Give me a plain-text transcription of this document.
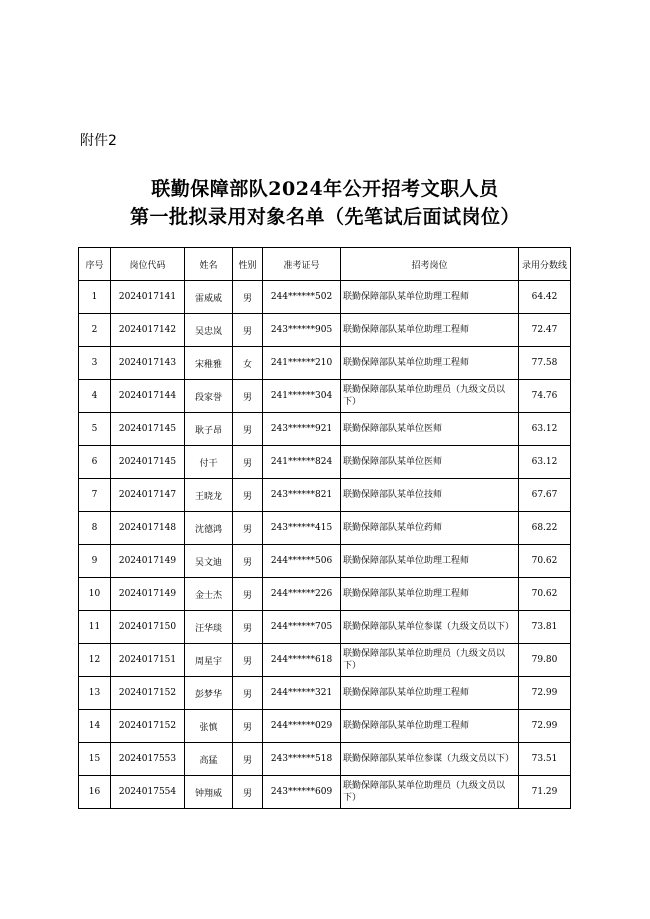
附件2
联勤保障部队2024年公开招考文职人员
第一批拟录用对象名单（先笔试后面试岗位）
序号	岗位代码	姓名	性别	准考证号	招考岗位	录用分数线
1	2024017141	雷威威	男	244******502	联勤保障部队某单位助理工程师	64.42
2	2024017142	吴忠岚	男	243******905	联勤保障部队某单位助理工程师	72.47
3	2024017143	宋稚雅	女	241******210	联勤保障部队某单位助理工程师	77.58
4	2024017144	段家誉	男	241******304	联勤保障部队某单位助理员（九级文员以下）	74.76
5	2024017145	耿子昂	男	243******921	联勤保障部队某单位医师	63.12
6	2024017145	付干	男	241******824	联勤保障部队某单位医师	63.12
7	2024017147	王晓龙	男	243******821	联勤保障部队某单位技师	67.67
8	2024017148	沈德鸿	男	243******415	联勤保障部队某单位药师	68.22
9	2024017149	吴文迪	男	244******506	联勤保障部队某单位助理工程师	70.62
10	2024017149	金士杰	男	244******226	联勤保障部队某单位助理工程师	70.62
11	2024017150	汪华琰	男	244******705	联勤保障部队某单位参谋（九级文员以下）	73.81
12	2024017151	周星宇	男	244******618	联勤保障部队某单位助理员（九级文员以下）	79.80
13	2024017152	彭梦华	男	244******321	联勤保障部队某单位助理工程师	72.99
14	2024017152	张慎	男	244******029	联勤保障部队某单位助理工程师	72.99
15	2024017553	高猛	男	243******518	联勤保障部队某单位参谋（九级文员以下）	73.51
16	2024017554	钟翔威	男	243******609	联勤保障部队某单位助理员（九级文员以下）	71.29
